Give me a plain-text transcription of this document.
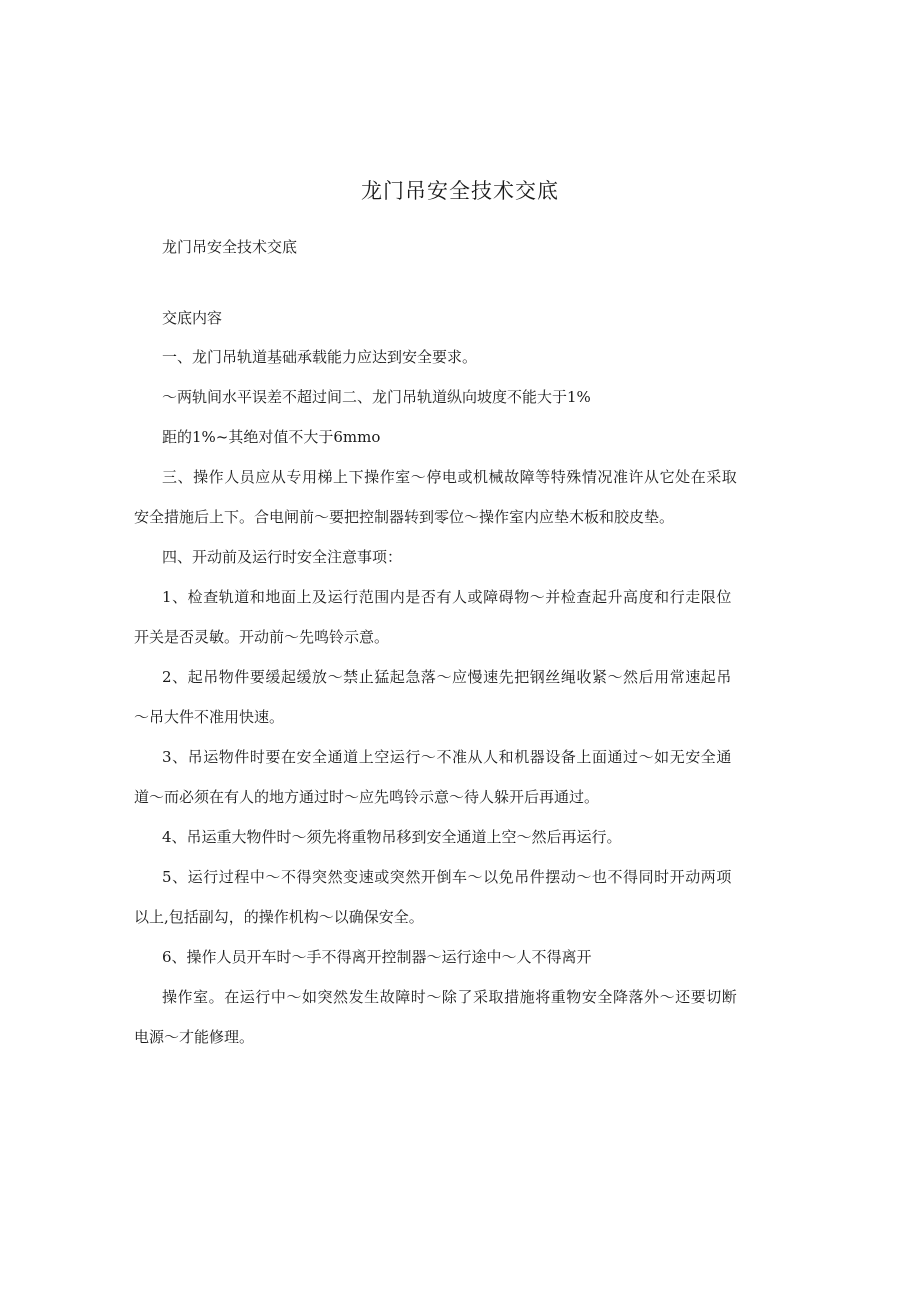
龙门吊安全技术交底

龙门吊安全技术交底

交底内容

一、龙门吊轨道基础承载能力应达到安全要求。

～两轨间水平误差不超过间二、龙门吊轨道纵向坡度不能大于1%

距的1%~其绝对值不大于6mmo

三、操作人员应从专用梯上下操作室～停电或机械故障等特殊情况准许从它处在采取

安全措施后上下。合电闸前～要把控制器转到零位～操作室内应垫木板和胶皮垫。

四、开动前及运行时安全注意事项：

1、检查轨道和地面上及运行范围内是否有人或障碍物～并检查起升高度和行走限位

开关是否灵敏。开动前～先鸣铃示意。

2、起吊物件要缓起缓放～禁止猛起急落～应慢速先把钢丝绳收紧～然后用常速起吊

～吊大件不准用快速。

3、吊运物件时要在安全通道上空运行～不准从人和机器设备上面通过～如无安全通

道～而必须在有人的地方通过时～应先鸣铃示意～待人躲开后再通过。

4、吊运重大物件时～须先将重物吊移到安全通道上空～然后再运行。

5、运行过程中～不得突然变速或突然开倒车～以免吊件摆动～也不得同时开动两项

以上,包括副勾，的操作机构～以确保安全。

6、操作人员开车时～手不得离开控制器～运行途中～人不得离开

操作室。在运行中～如突然发生故障时～除了采取措施将重物安全降落外～还要切断

电源～才能修理。
